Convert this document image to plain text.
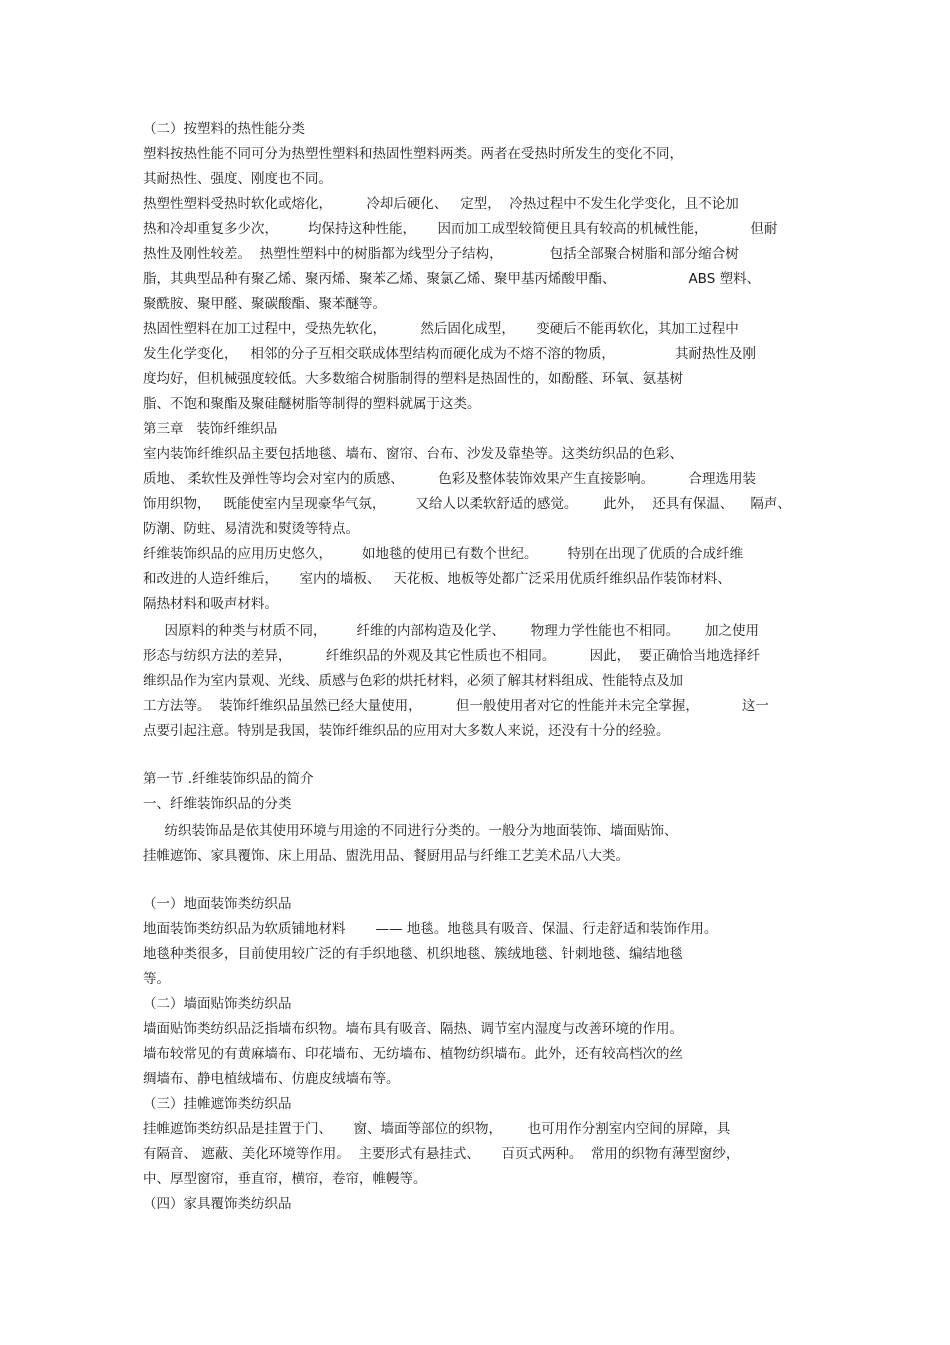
（二）按塑料的热性能分类
塑料按热性能不同可分为热塑性塑料和热固性塑料两类。两者在受热时所发生的变化不同，
其耐热性、强度、刚度也不同。
热塑性塑料受热时软化或熔化，        冷却后硬化、   定型，  冷热过程中不发生化学变化，且不论加
热和冷却重复多少次，       均保持这种性能，     因而加工成型较简便且具有较高的机械性能，          但耐
热性及刚性较差。  热塑性塑料中的树脂都为线型分子结构，           包括全部聚合树脂和部分缩合树
脂，其典型品种有聚乙烯、聚丙烯、聚苯乙烯、聚氯乙烯、聚甲基丙烯酸甲酯、                 ABS 塑料、
聚酰胺、聚甲醛、聚碳酸酯、聚苯醚等。
热固性塑料在加工过程中，受热先软化，        然后固化成型，     变硬后不能再软化，其加工过程中
发生化学变化，   相邻的分子互相交联成体型结构而硬化成为不熔不溶的物质，              其耐热性及刚
度均好，但机械强度较低。大多数缩合树脂制得的塑料是热固性的，如酚醛、环氧、氨基树
脂、不饱和聚酯及聚硅醚树脂等制得的塑料就属于这类。
第三章   装饰纤维织品
室内装饰纤维织品主要包括地毯、墙布、窗帘、台布、沙发及靠垫等。这类纺织品的色彩、
质地、 柔软性及弹性等均会对室内的质感、        色彩及整体装饰效果产生直接影响。        合理选用装
饰用织物，   既能使室内呈现豪华气氛，       又给人以柔软舒适的感觉。      此外，  还具有保温、    隔声、
防潮、防蛀、易清洗和熨烫等特点。
纤维装饰织品的应用历史悠久，       如地毯的使用已有数个世纪。       特别在出现了优质的合成纤维
和改进的人造纤维后，     室内的墙板、   天花板、地板等处都广泛采用优质纤维织品作装饰材料、
隔热材料和吸声材料。
因原料的种类与材质不同，       纤维的内部构造及化学、      物理力学性能也不相同。      加之使用
形态与纺织方法的差异，        纤维织品的外观及其它性质也不相同。        因此，  要正确恰当地选择纤
维织品作为室内景观、光线、质感与色彩的烘托材料，必须了解其材料组成、性能特点及加
工方法等。  装饰纤维织品虽然已经大量使用，        但一般使用者对它的性能并未完全掌握，          这一
点要引起注意。特别是我国，装饰纤维织品的应用对大多数人来说，还没有十分的经验。
第一节 .纤维装饰织品的简介
一、纤维装饰织品的分类
纺织装饰品是依其使用环境与用途的不同进行分类的。一般分为地面装饰、墙面贴饰、
挂帷遮饰、家具覆饰、床上用品、盥洗用品、餐厨用品与纤维工艺美术品八大类。
（一）地面装饰类纺织品
地面装饰类纺织品为软质铺地材料       —— 地毯。地毯具有吸音、保温、行走舒适和装饰作用。
地毯种类很多，目前使用较广泛的有手织地毯、机织地毯、簇绒地毯、针刺地毯、编结地毯
等。
（二）墙面贴饰类纺织品
墙面贴饰类纺织品泛指墙布织物。墙布具有吸音、隔热、调节室内湿度与改善环境的作用。
墙布较常见的有黄麻墙布、印花墙布、无纺墙布、植物纺织墙布。此外，还有较高档次的丝
绸墙布、静电植绒墙布、仿鹿皮绒墙布等。
（三）挂帷遮饰类纺织品
挂帷遮饰类纺织品是挂置于门、     窗、墙面等部位的织物，      也可用作分割室内空间的屏障，具
有隔音、 遮蔽、美化环境等作用。  主要形式有悬挂式、     百页式两种。  常用的织物有薄型窗纱，
中、厚型窗帘，垂直帘，横帘，卷帘，帷幔等。
（四）家具覆饰类纺织品
